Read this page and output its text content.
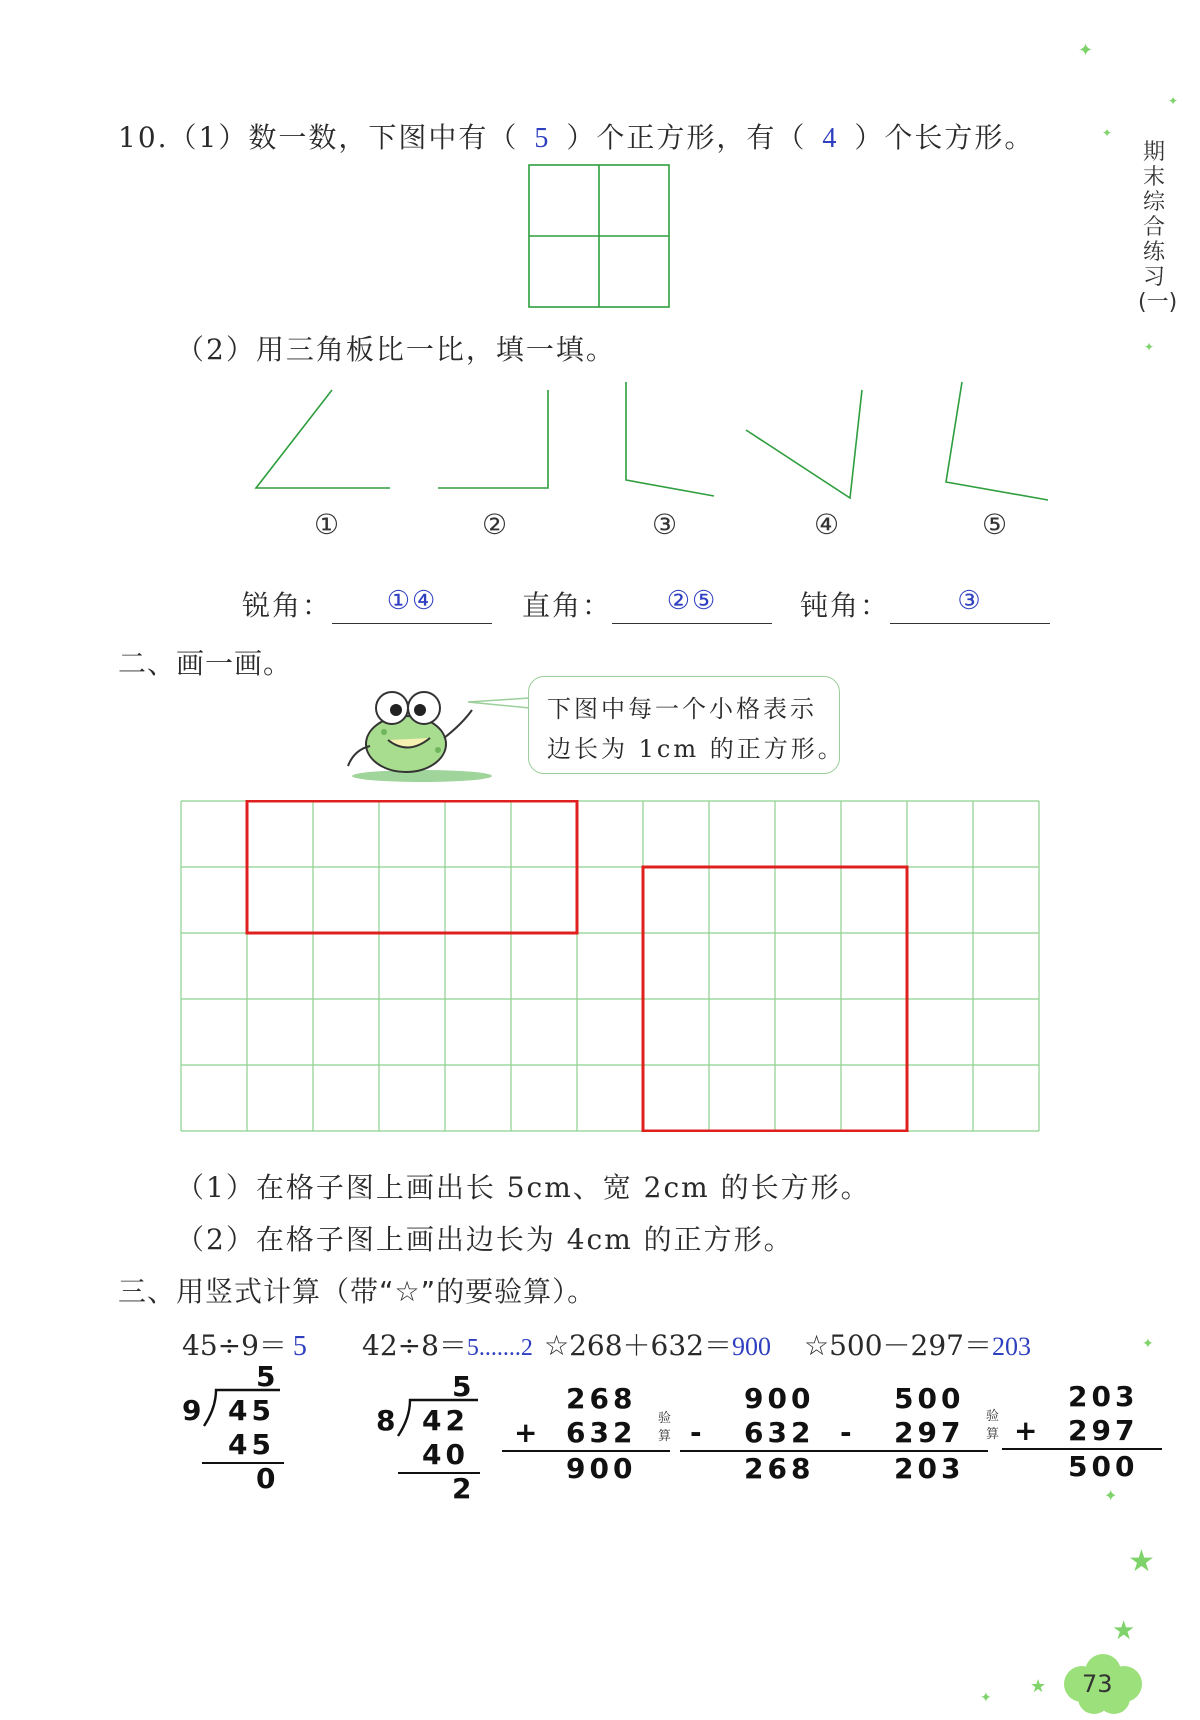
期末综合练习(一)
10.（1）数一数，下图中有（ 5 ）个正方形，有（ 4 ）个长方形。
（2）用三角板比一比，填一填。
①	②	③	④	⑤
锐角： ①④	直角： ②⑤	钝角：	③
二、画一画。
下图中每一个小格表示
边长为 1cm 的正方形。
（1）在格子图上画出长 5cm、宽 2cm 的长方形。
（2）在格子图上画出边长为 4cm 的正方形。
三、用竖式计算（带“☆”的要验算）。
45÷9＝ 5 42÷8＝5.......2 ☆268＋632＝900 ☆500－297＝203
5
9 45
45
0
5
8 42
40
2
268
+ 632
900
验
算
900
- 632
268
500
- 297
203
验
算
203
+ 297
500
✦
✦
✦
✦
✦
✦
★
★
★
✦	73
